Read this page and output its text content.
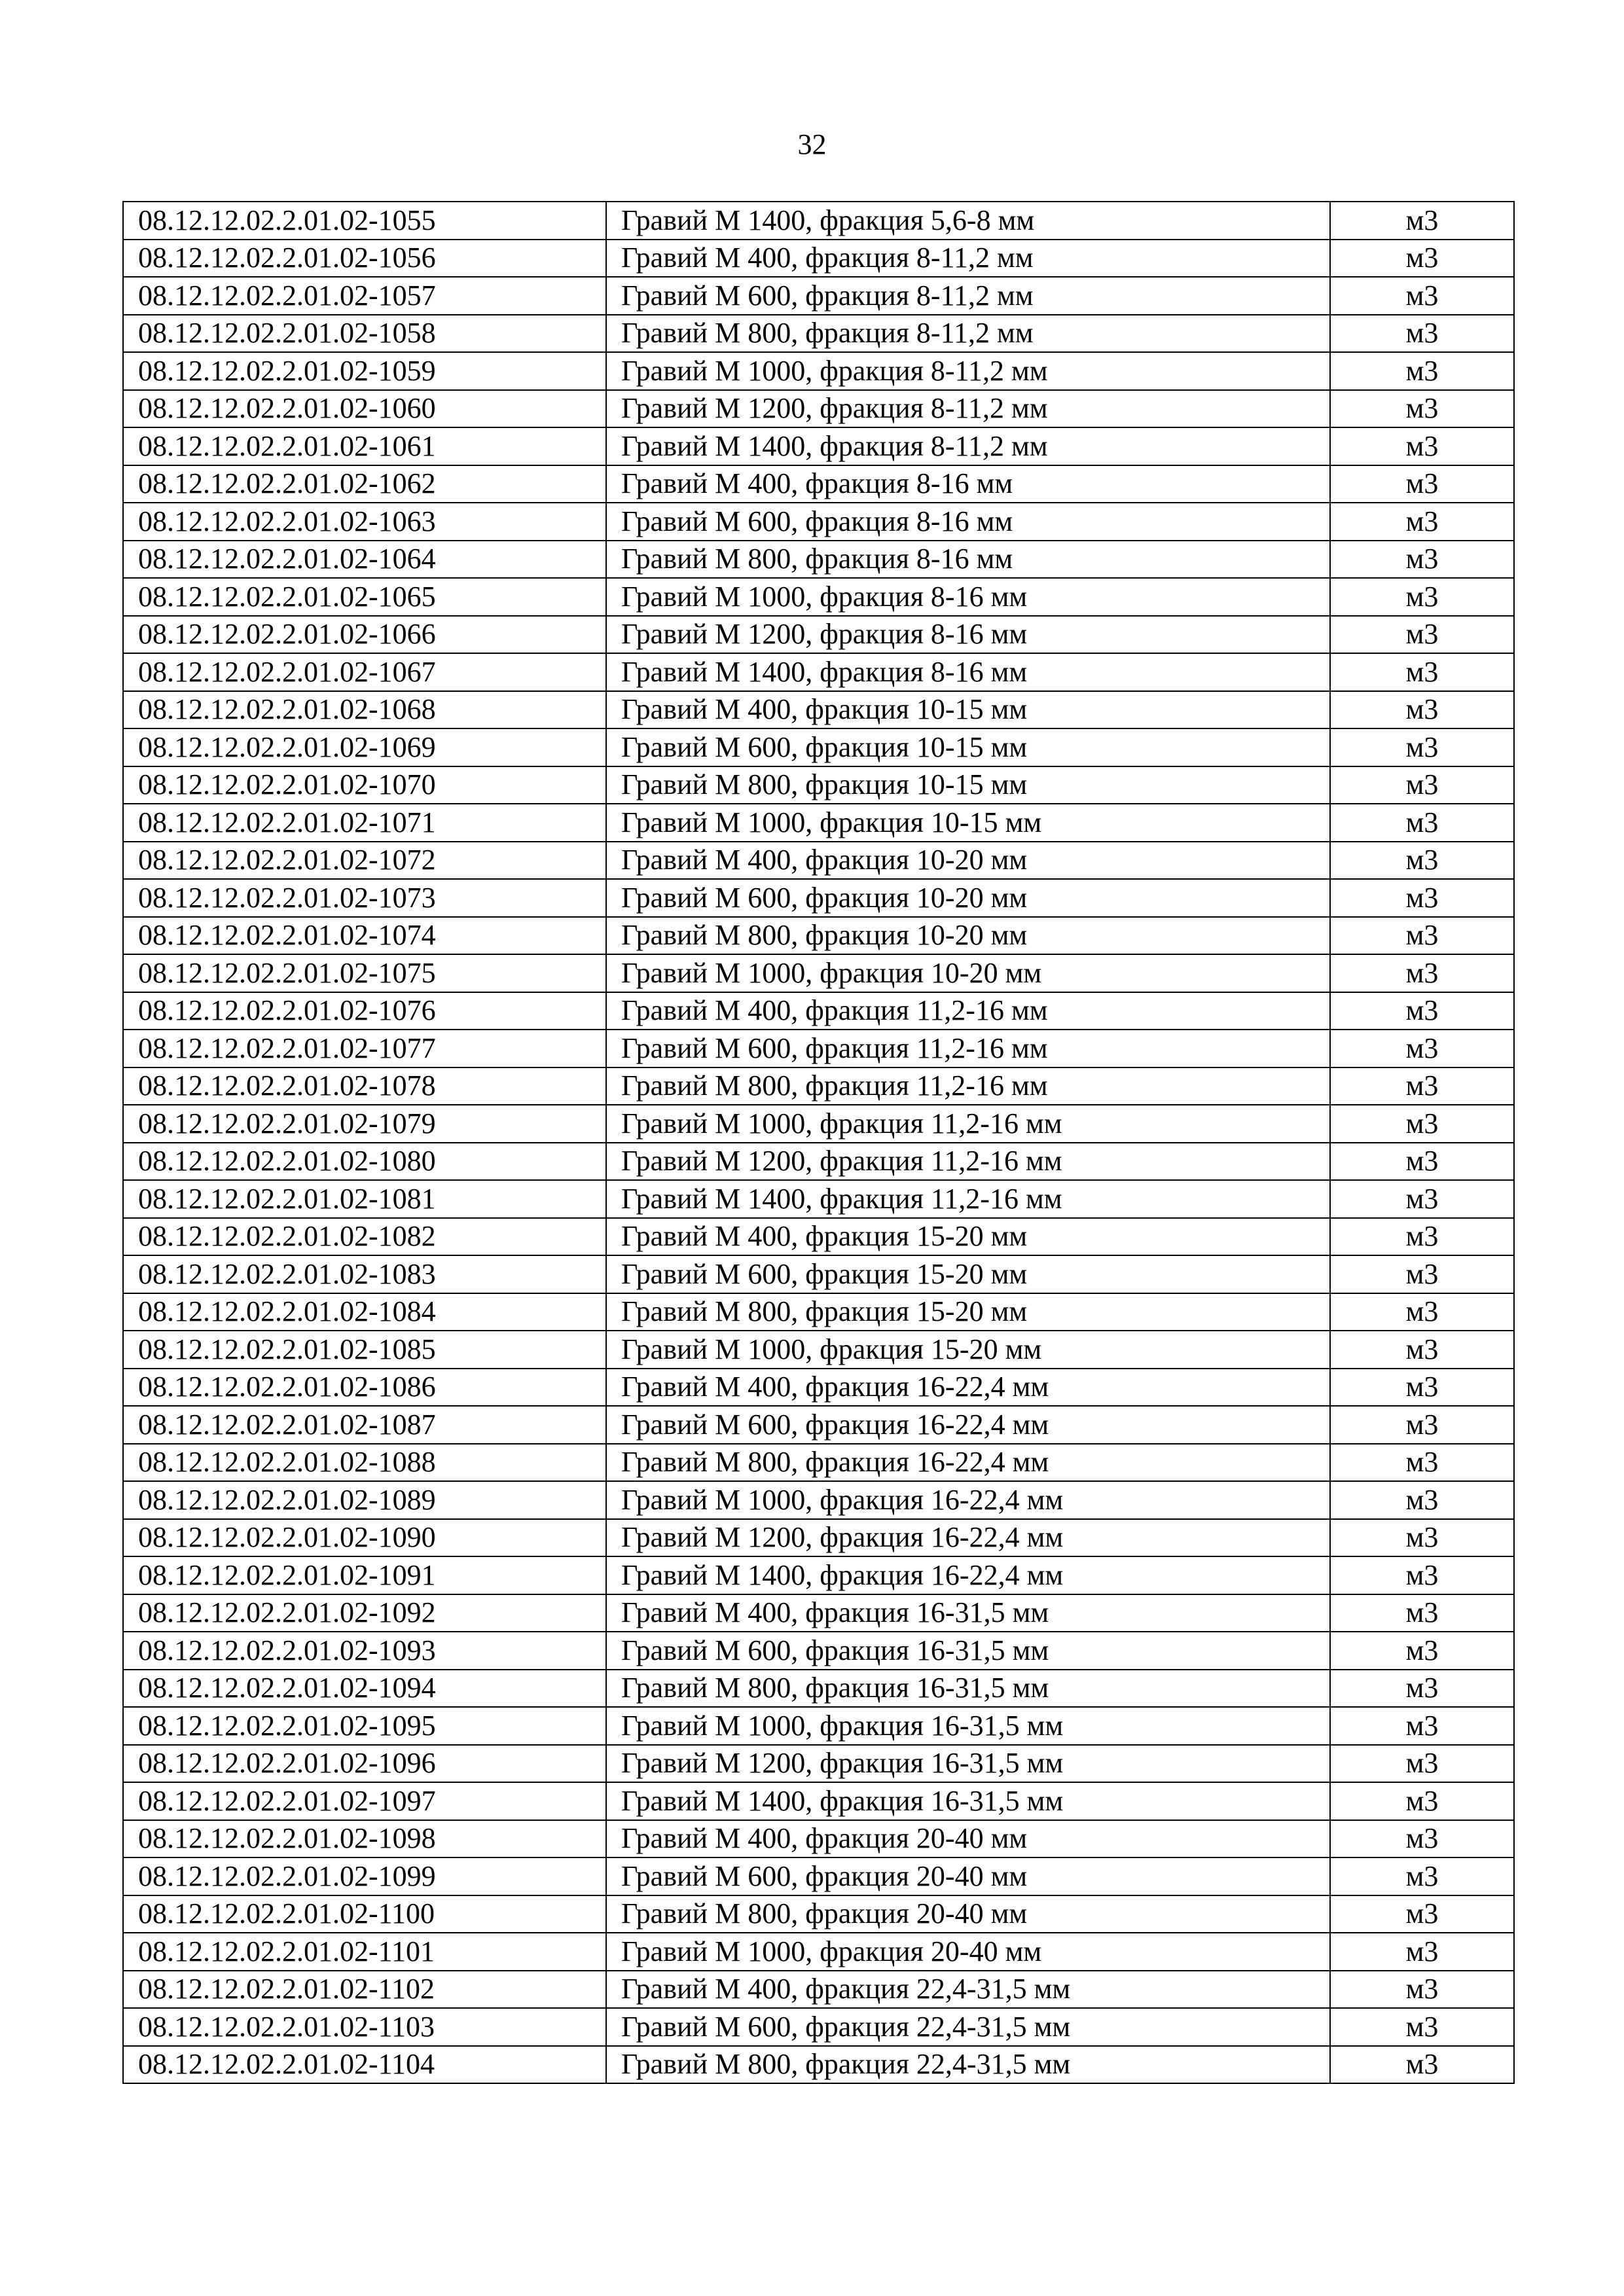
32
08.12.12.02.2.01.02-1055	Гравий М 1400, фракция 5,6-8 мм	м3
08.12.12.02.2.01.02-1056	Гравий М 400, фракция 8-11,2 мм	м3
08.12.12.02.2.01.02-1057	Гравий М 600, фракция 8-11,2 мм	м3
08.12.12.02.2.01.02-1058	Гравий М 800, фракция 8-11,2 мм	м3
08.12.12.02.2.01.02-1059	Гравий М 1000, фракция 8-11,2 мм	м3
08.12.12.02.2.01.02-1060	Гравий М 1200, фракция 8-11,2 мм	м3
08.12.12.02.2.01.02-1061	Гравий М 1400, фракция 8-11,2 мм	м3
08.12.12.02.2.01.02-1062	Гравий М 400, фракция 8-16 мм	м3
08.12.12.02.2.01.02-1063	Гравий М 600, фракция 8-16 мм	м3
08.12.12.02.2.01.02-1064	Гравий М 800, фракция 8-16 мм	м3
08.12.12.02.2.01.02-1065	Гравий М 1000, фракция 8-16 мм	м3
08.12.12.02.2.01.02-1066	Гравий М 1200, фракция 8-16 мм	м3
08.12.12.02.2.01.02-1067	Гравий М 1400, фракция 8-16 мм	м3
08.12.12.02.2.01.02-1068	Гравий М 400, фракция 10-15 мм	м3
08.12.12.02.2.01.02-1069	Гравий М 600, фракция 10-15 мм	м3
08.12.12.02.2.01.02-1070	Гравий М 800, фракция 10-15 мм	м3
08.12.12.02.2.01.02-1071	Гравий М 1000, фракция 10-15 мм	м3
08.12.12.02.2.01.02-1072	Гравий М 400, фракция 10-20 мм	м3
08.12.12.02.2.01.02-1073	Гравий М 600, фракция 10-20 мм	м3
08.12.12.02.2.01.02-1074	Гравий М 800, фракция 10-20 мм	м3
08.12.12.02.2.01.02-1075	Гравий М 1000, фракция 10-20 мм	м3
08.12.12.02.2.01.02-1076	Гравий М 400, фракция 11,2-16 мм	м3
08.12.12.02.2.01.02-1077	Гравий М 600, фракция 11,2-16 мм	м3
08.12.12.02.2.01.02-1078	Гравий М 800, фракция 11,2-16 мм	м3
08.12.12.02.2.01.02-1079	Гравий М 1000, фракция 11,2-16 мм	м3
08.12.12.02.2.01.02-1080	Гравий М 1200, фракция 11,2-16 мм	м3
08.12.12.02.2.01.02-1081	Гравий М 1400, фракция 11,2-16 мм	м3
08.12.12.02.2.01.02-1082	Гравий М 400, фракция 15-20 мм	м3
08.12.12.02.2.01.02-1083	Гравий М 600, фракция 15-20 мм	м3
08.12.12.02.2.01.02-1084	Гравий М 800, фракция 15-20 мм	м3
08.12.12.02.2.01.02-1085	Гравий М 1000, фракция 15-20 мм	м3
08.12.12.02.2.01.02-1086	Гравий М 400, фракция 16-22,4 мм	м3
08.12.12.02.2.01.02-1087	Гравий М 600, фракция 16-22,4 мм	м3
08.12.12.02.2.01.02-1088	Гравий М 800, фракция 16-22,4 мм	м3
08.12.12.02.2.01.02-1089	Гравий М 1000, фракция 16-22,4 мм	м3
08.12.12.02.2.01.02-1090	Гравий М 1200, фракция 16-22,4 мм	м3
08.12.12.02.2.01.02-1091	Гравий М 1400, фракция 16-22,4 мм	м3
08.12.12.02.2.01.02-1092	Гравий М 400, фракция 16-31,5 мм	м3
08.12.12.02.2.01.02-1093	Гравий М 600, фракция 16-31,5 мм	м3
08.12.12.02.2.01.02-1094	Гравий М 800, фракция 16-31,5 мм	м3
08.12.12.02.2.01.02-1095	Гравий М 1000, фракция 16-31,5 мм	м3
08.12.12.02.2.01.02-1096	Гравий М 1200, фракция 16-31,5 мм	м3
08.12.12.02.2.01.02-1097	Гравий М 1400, фракция 16-31,5 мм	м3
08.12.12.02.2.01.02-1098	Гравий М 400, фракция 20-40 мм	м3
08.12.12.02.2.01.02-1099	Гравий М 600, фракция 20-40 мм	м3
08.12.12.02.2.01.02-1100	Гравий М 800, фракция 20-40 мм	м3
08.12.12.02.2.01.02-1101	Гравий М 1000, фракция 20-40 мм	м3
08.12.12.02.2.01.02-1102	Гравий М 400, фракция 22,4-31,5 мм	м3
08.12.12.02.2.01.02-1103	Гравий М 600, фракция 22,4-31,5 мм	м3
08.12.12.02.2.01.02-1104	Гравий М 800, фракция 22,4-31,5 мм	м3
